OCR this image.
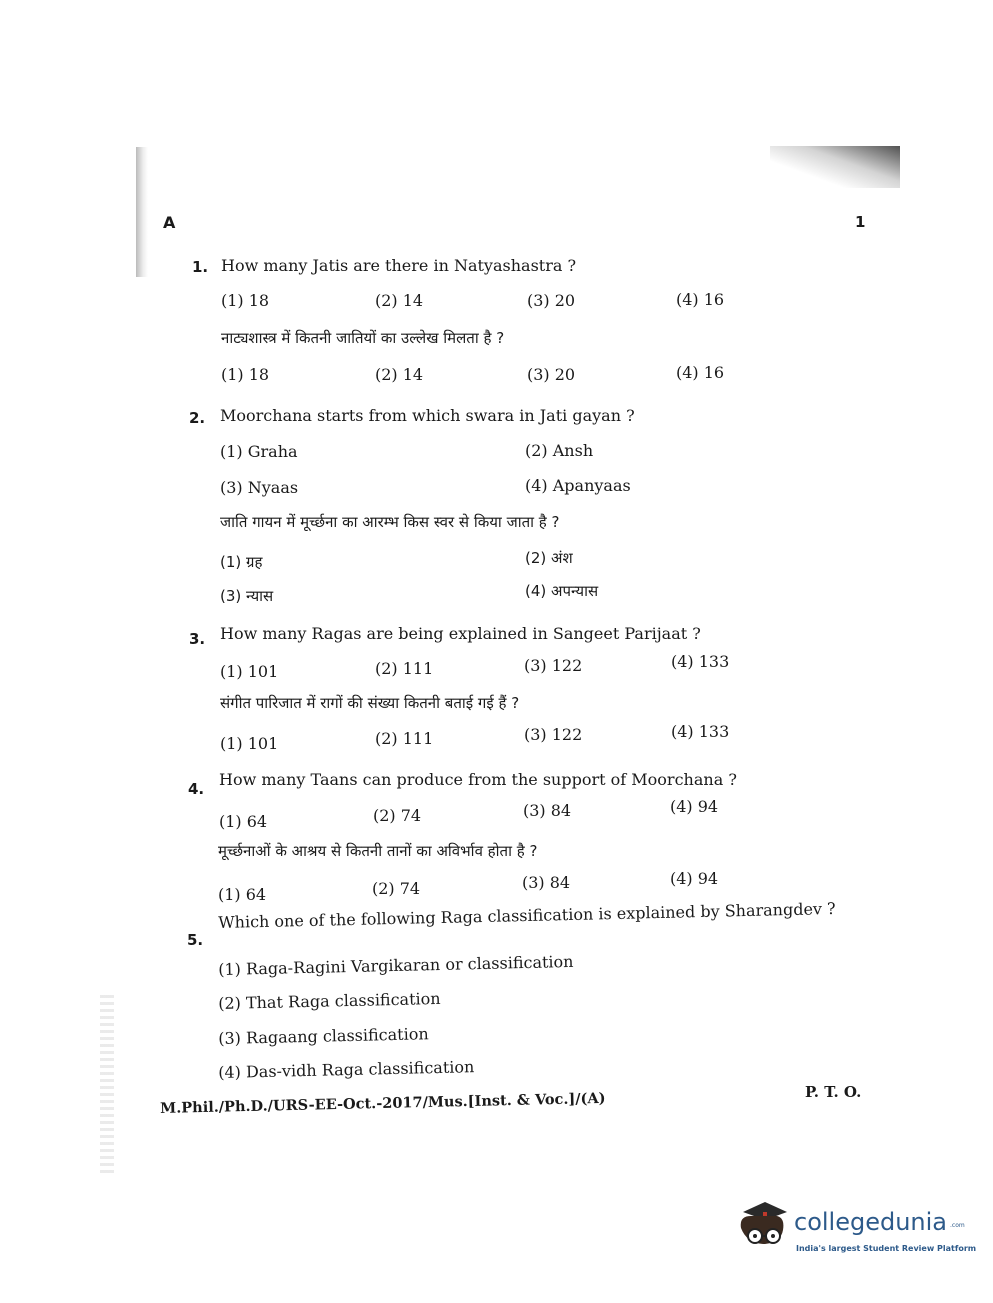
A	1
1. How many Jatis are there in Natyashastra ?
(1) 18	(2) 14	(3) 20	(4) 16
नाट्यशास्त्र में कितनी जातियों का उल्लेख मिलता है ?
(1) 18	(2) 14	(3) 20	(4) 16
2. Moorchana starts from which swara in Jati gayan ?
(1) Graha	(2) Ansh
(3) Nyaas	(4) Apanyaas
जाति गायन में मूर्च्छना का आरम्भ किस स्वर से किया जाता है ?
(1) ग्रह	(2) अंश
(3) न्यास	(4) अपन्यास
3. How many Ragas are being explained in Sangeet Parijaat ?
(1) 101	(2) 111	(3) 122	(4) 133
संगीत पारिजात में रागों की संख्या कितनी बताई गई हैं ?
(1) 101	(2) 111	(3) 122	(4) 133
4. How many Taans can produce from the support of Moorchana ?
(1) 64	(2) 74	(3) 84	(4) 94
मूर्च्छनाओं के आश्रय से कितनी तानों का अविर्भाव होता है ?
(1) 64	(2) 74	(3) 84	(4) 94
5.
Which one of the following Raga classification is explained by Sharangdev ?
(1) Raga-Ragini Vargikaran or classification
(2) That Raga classification
(3) Ragaang classification
(4) Das-vidh Raga classification
P. T. O.
M.Phil./Ph.D./URS-EE-Oct.-2017/Mus.[Inst. & Voc.]/(A)
collegedunia .com
India's largest Student Review Platform
